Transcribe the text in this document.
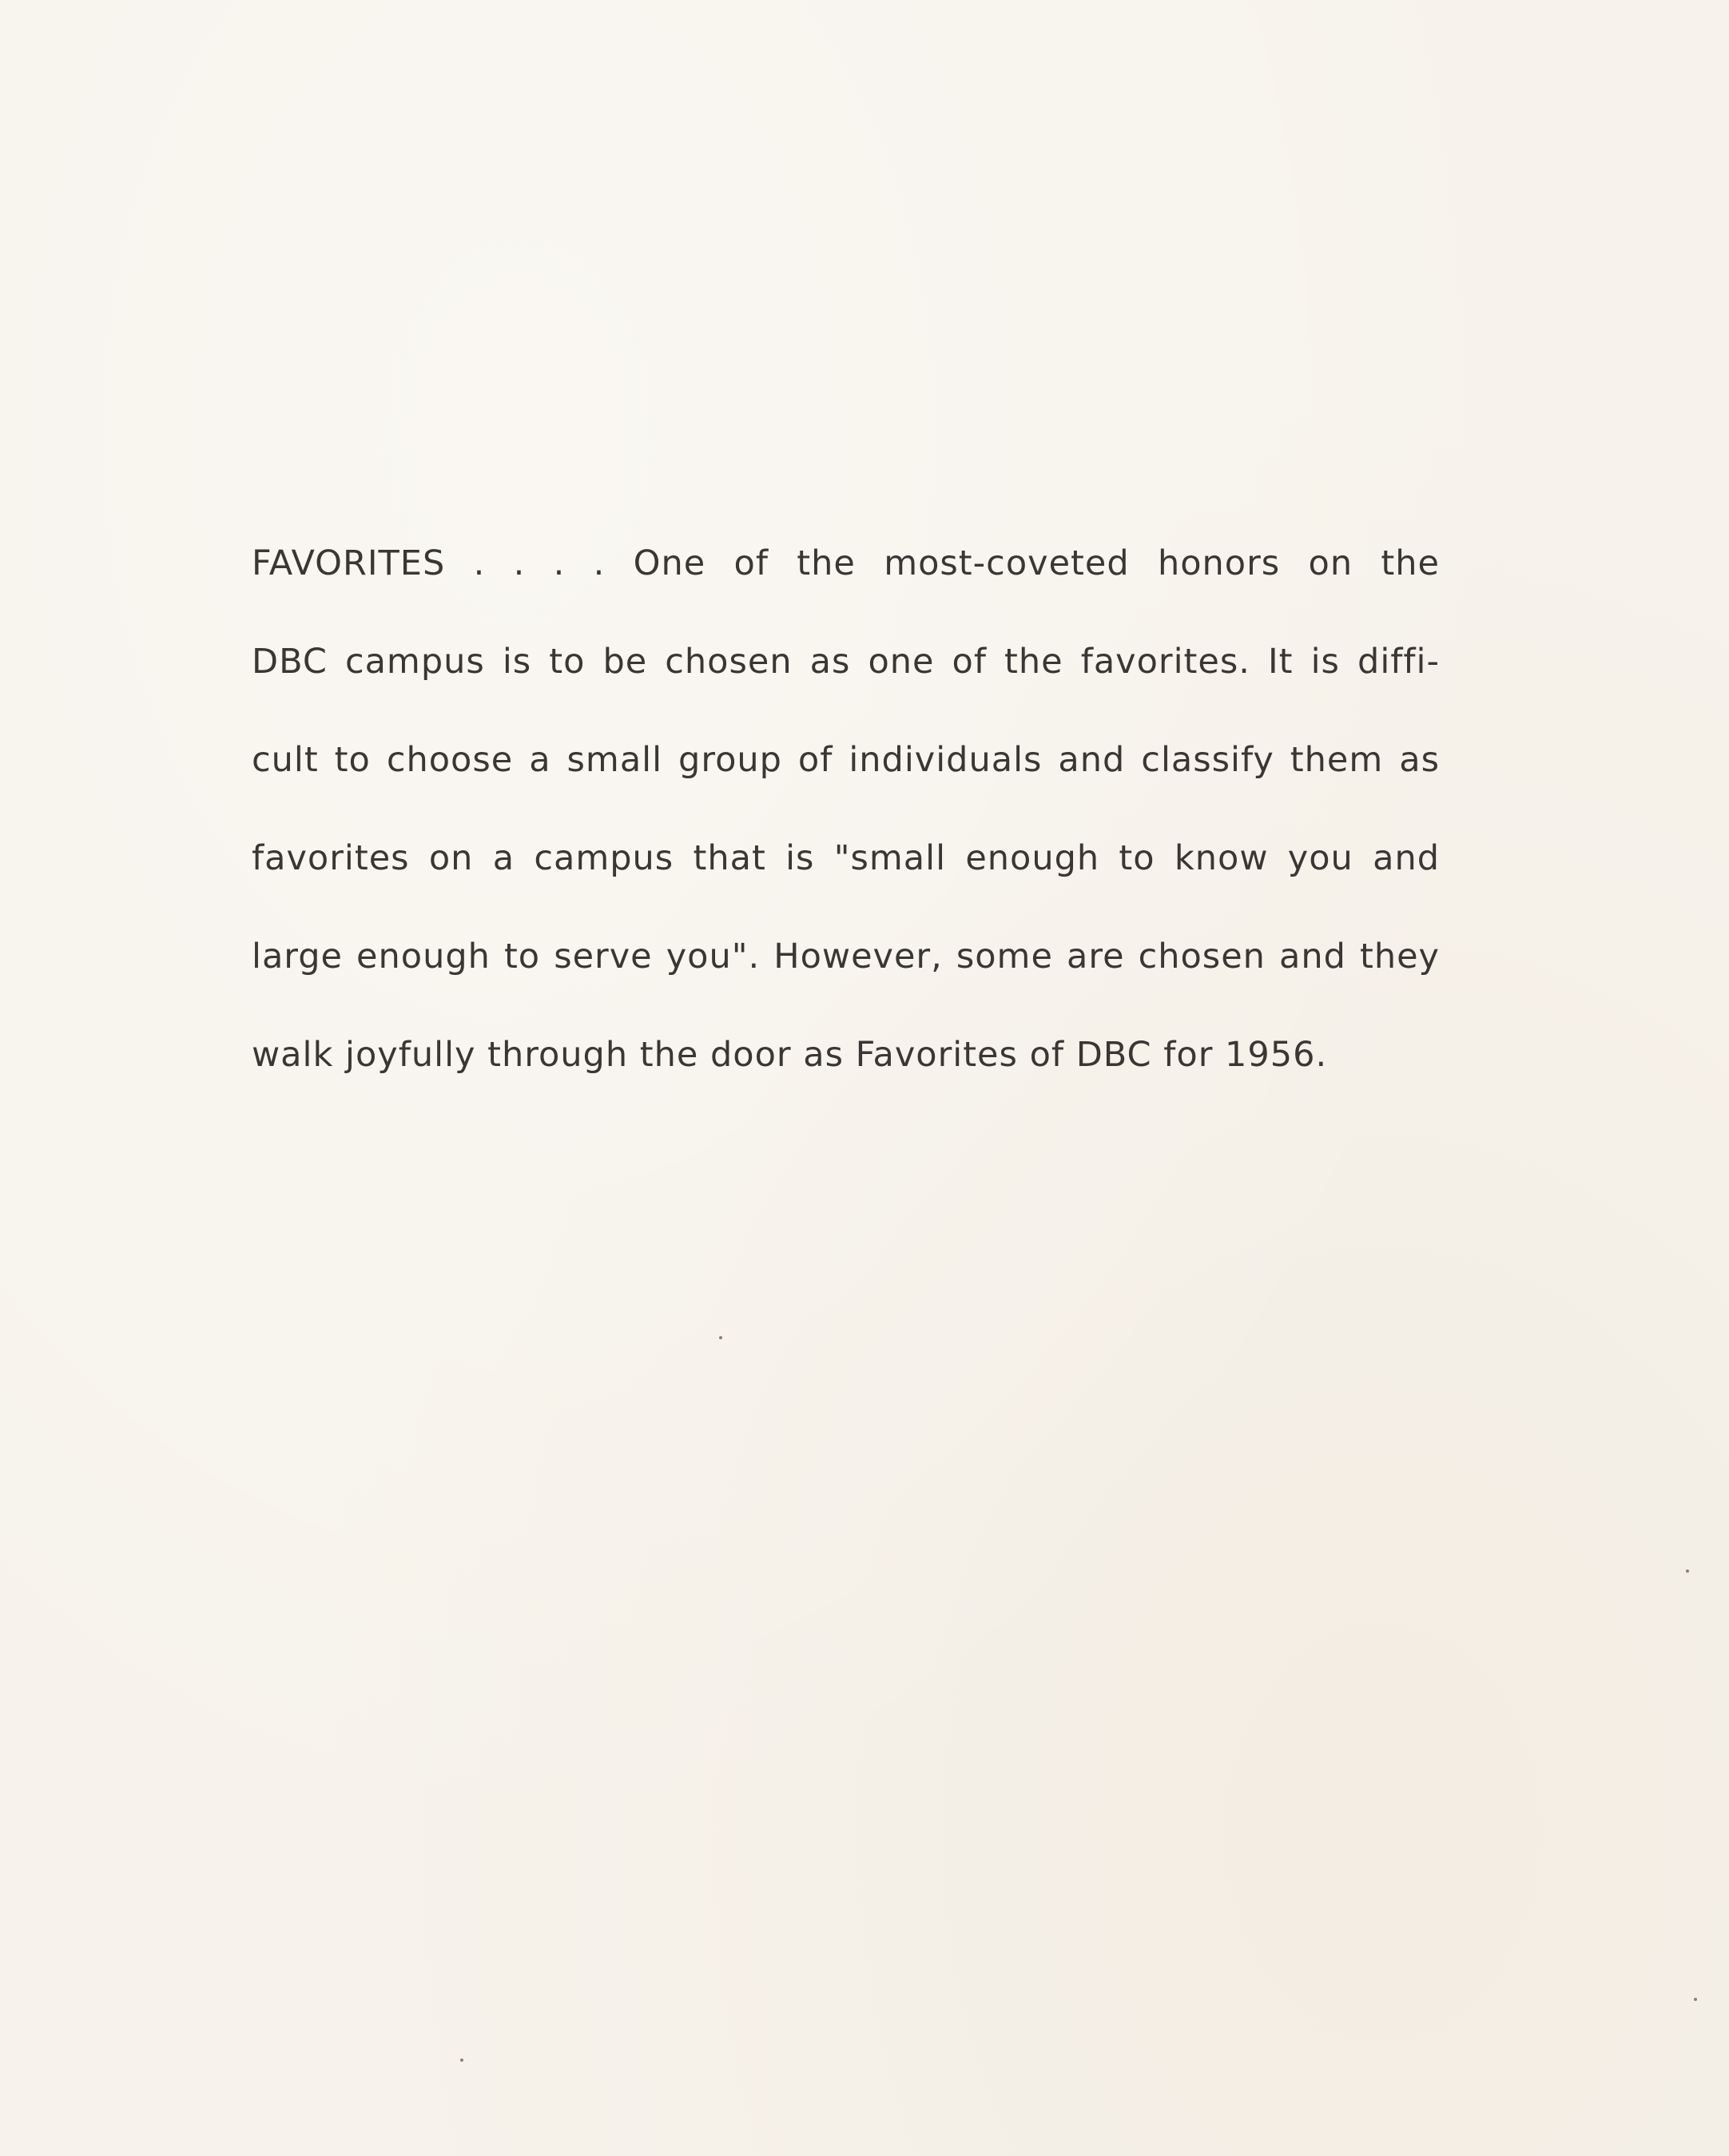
FAVORITES . . . . One of the most-coveted honors on the
DBC campus is to be chosen as one of the favorites. It is diffi-
cult to choose a small group of individuals and classify them as
favorites on a campus that is "small enough to know you and
large enough to serve you". However, some are chosen and they
walk joyfully through the door as Favorites of DBC for 1956.
